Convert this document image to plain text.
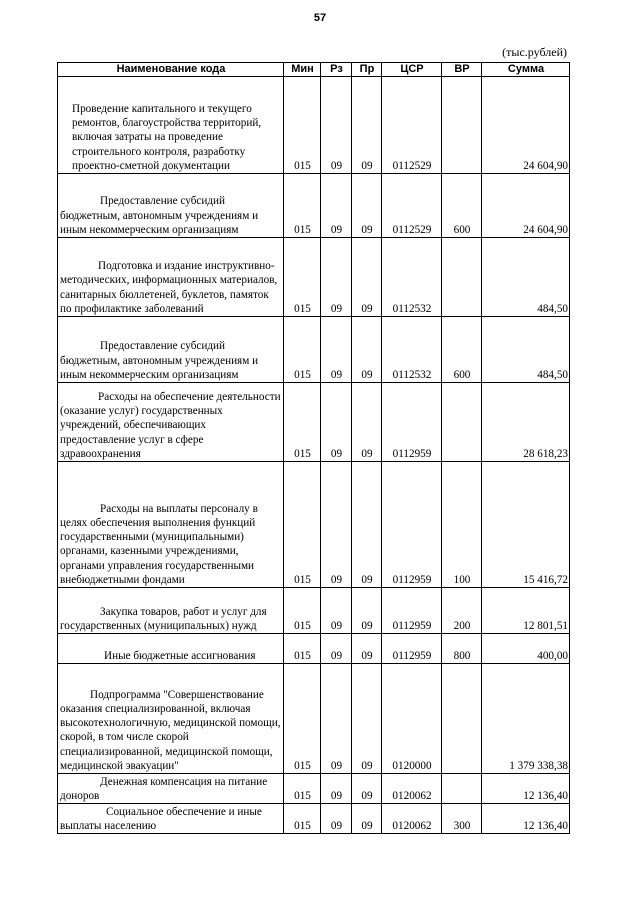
57
(тыс.рублей)
Наименование кода	Мин	Рз	Пр	ЦСР	ВР	Сумма
Проведение капитального и текущего ремонтов, благоустройства территорий, включая затраты на проведение строительного контроля, разработку проектно-сметной документации	015	09	09	0112529		24 604,90
Предоставление субсидий бюджетным, автономным учреждениям и иным некоммерческим организациям	015	09	09	0112529	600	24 604,90
Подготовка и издание инструктивно-методических, информационных материалов, санитарных бюллетеней, буклетов, памяток по профилактике заболеваний	015	09	09	0112532		484,50
Предоставление субсидий бюджетным, автономным учреждениям и иным некоммерческим организациям	015	09	09	0112532	600	484,50
Расходы на обеспечение деятельности (оказание услуг) государственных учреждений, обеспечивающих предоставление услуг в сфере здравоохранения	015	09	09	0112959		28 618,23
Расходы на выплаты персоналу в целях обеспечения выполнения функций государственными (муниципальными) органами, казенными учреждениями, органами управления государственными внебюджетными фондами	015	09	09	0112959	100	15 416,72
Закупка товаров, работ и услуг для государственных (муниципальных) нужд	015	09	09	0112959	200	12 801,51
Иные бюджетные ассигнования	015	09	09	0112959	800	400,00
Подпрограмма "Совершенствование оказания специализированной, включая высокотехнологичную, медицинской помощи, скорой, в том числе скорой специализированной, медицинской помощи, медицинской эвакуации"	015	09	09	0120000		1 379 338,38
Денежная компенсация на питание доноров	015	09	09	0120062		12 136,40
Социальное обеспечение и иные выплаты населению	015	09	09	0120062	300	12 136,40
